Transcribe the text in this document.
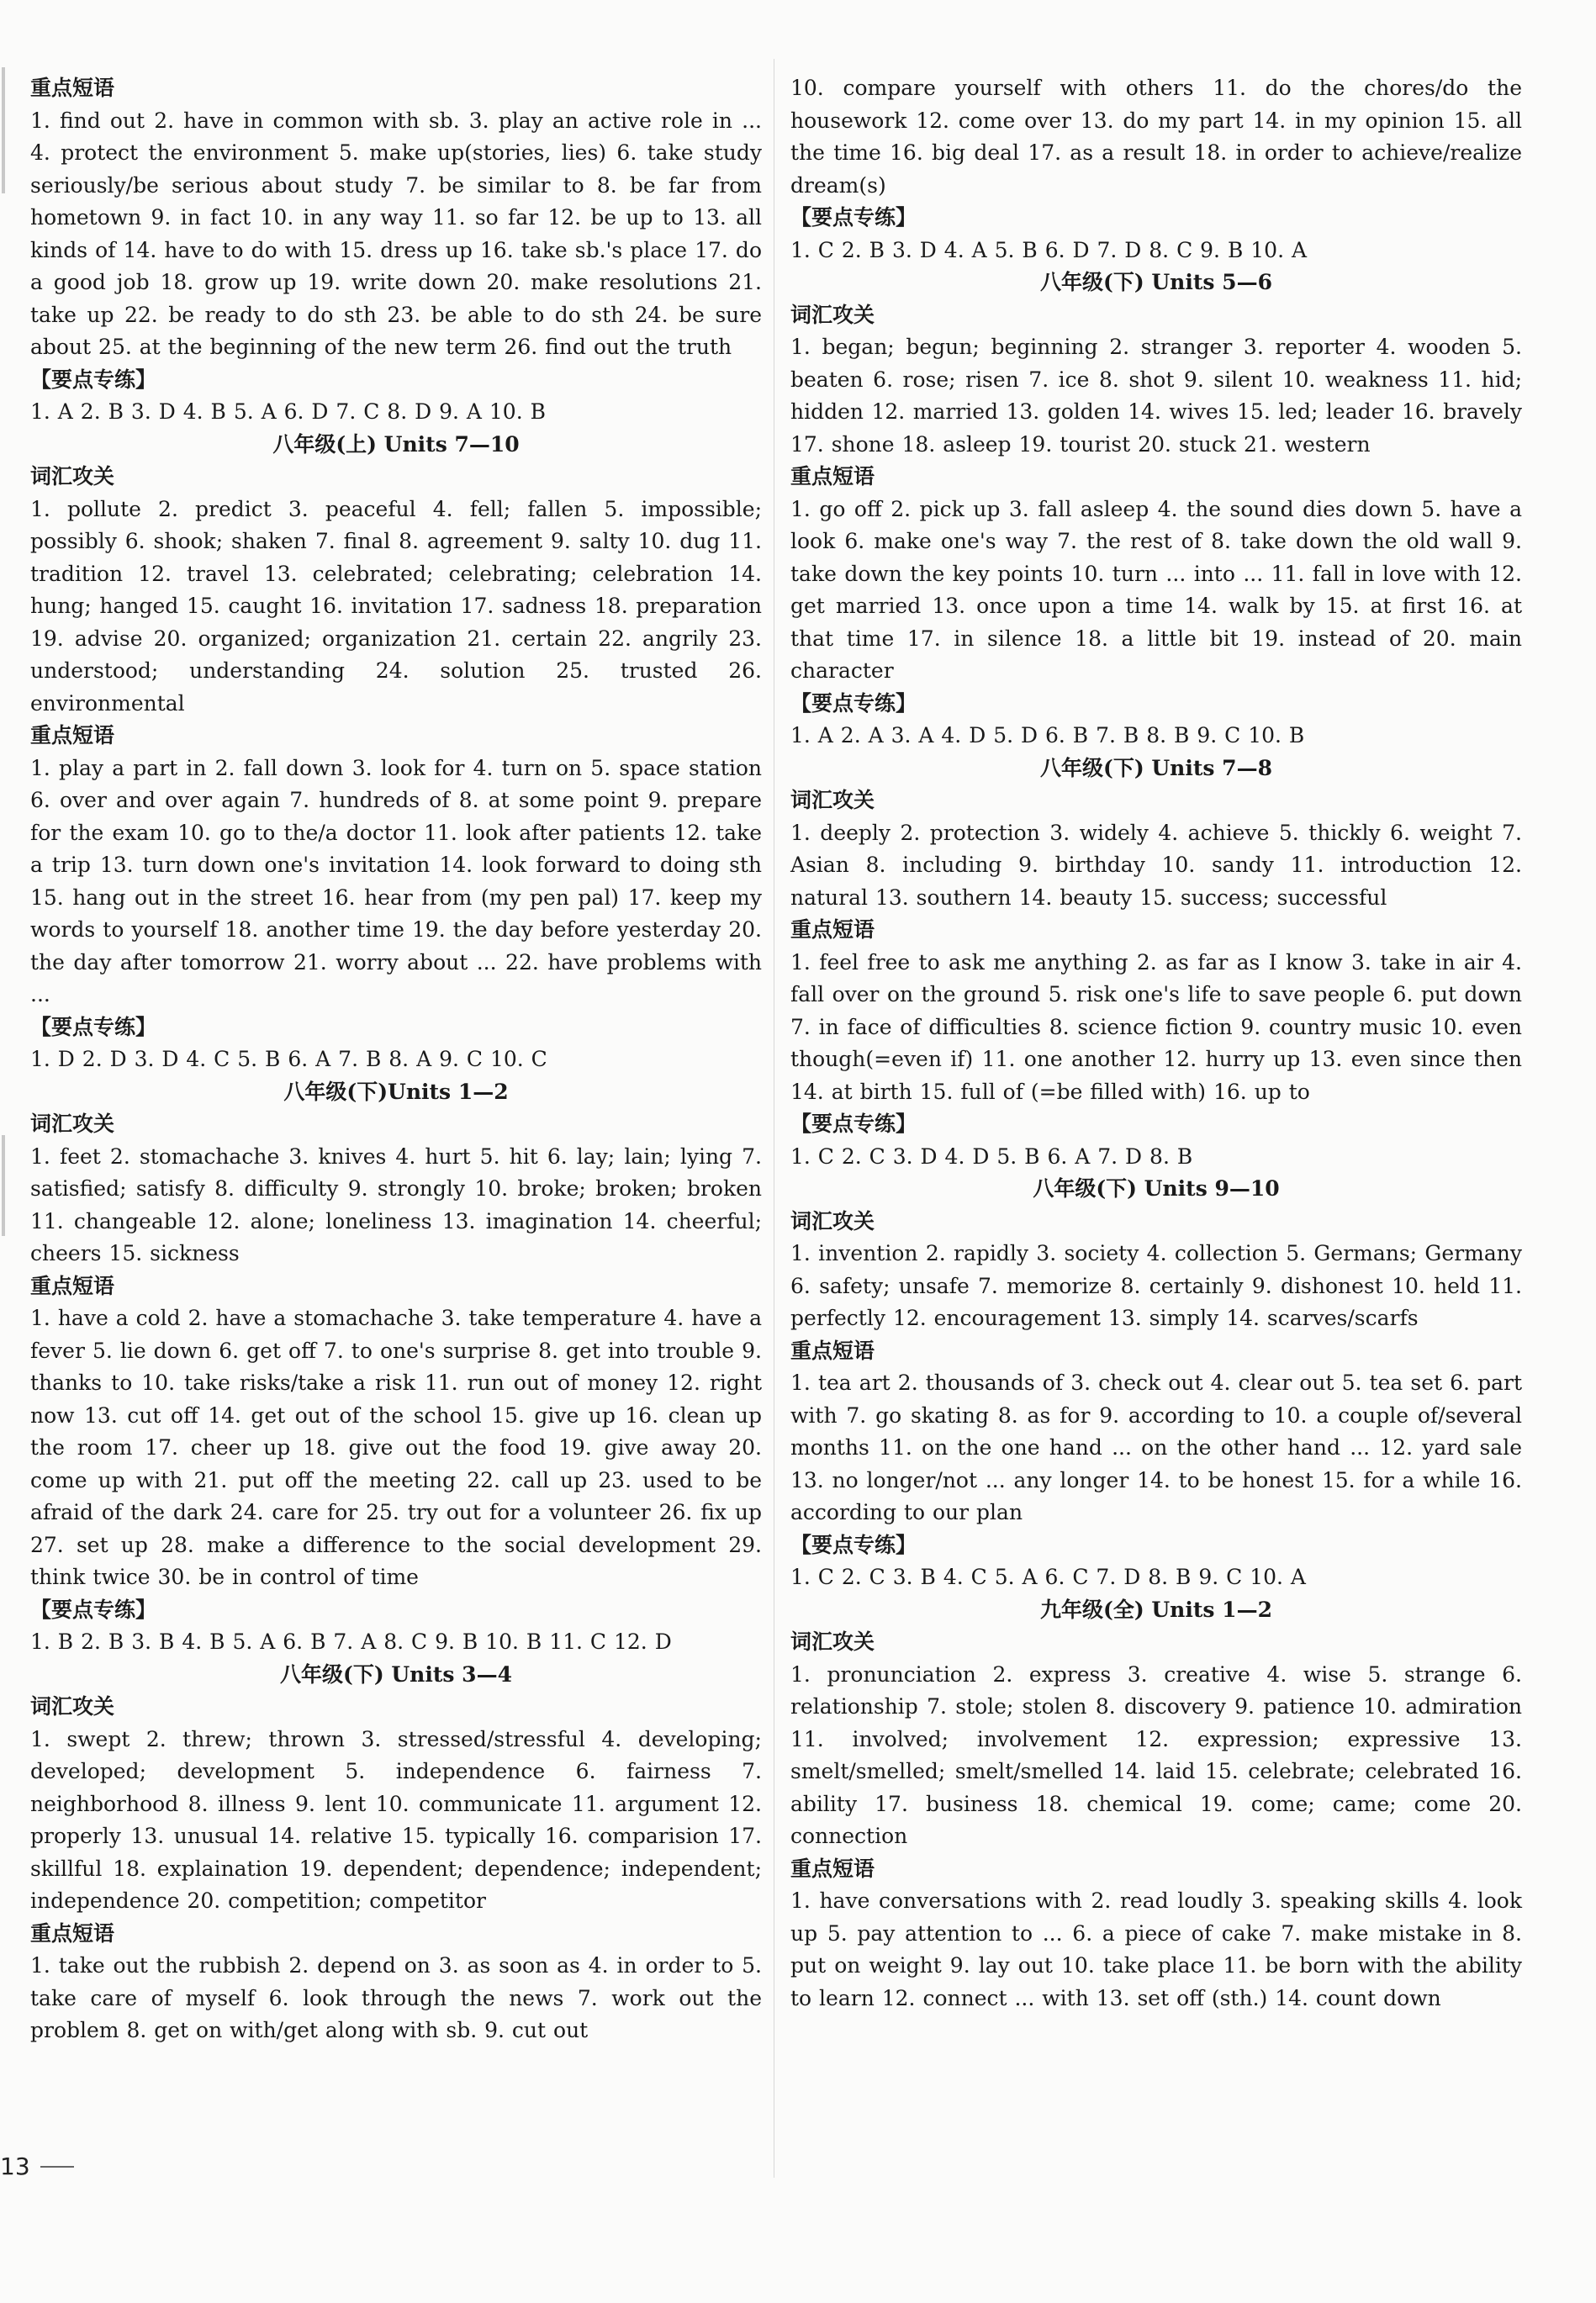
重点短语
1. find out 2. have in common with sb. 3. play an active role in ... 4. protect the environment 5. make up(stories, lies) 6. take study seriously/be serious about study 7. be similar to 8. be far from hometown 9. in fact 10. in any way 11. so far 12. be up to 13. all kinds of 14. have to do with 15. dress up 16. take sb.'s place 17. do a good job 18. grow up 19. write down 20. make resolutions 21. take up 22. be ready to do sth 23. be able to do sth 24. be sure about 25. at the beginning of the new term 26. find out the truth
【要点专练】
1. A 2. B 3. D 4. B 5. A 6. D 7. C 8. D 9. A 10. B
八年级(上) Units 7—10
词汇攻关
1. pollute 2. predict 3. peaceful 4. fell; fallen 5. impossible; possibly 6. shook; shaken 7. final 8. agreement 9. salty 10. dug 11. tradition 12. travel 13. celebrated; celebrating; celebration 14. hung; hanged 15. caught 16. invitation 17. sadness 18. preparation 19. advise 20. organized; organization 21. certain 22. angrily 23. understood; understanding 24. solution 25. trusted 26. environmental
重点短语
1. play a part in 2. fall down 3. look for 4. turn on 5. space station 6. over and over again 7. hundreds of 8. at some point 9. prepare for the exam 10. go to the/a doctor 11. look after patients 12. take a trip 13. turn down one's invitation 14. look forward to doing sth 15. hang out in the street 16. hear from (my pen pal) 17. keep my words to yourself 18. another time 19. the day before yesterday 20. the day after tomorrow 21. worry about ... 22. have problems with ...
【要点专练】
1. D 2. D 3. D 4. C 5. B 6. A 7. B 8. A 9. C 10. C
八年级(下)Units 1—2
词汇攻关
1. feet 2. stomachache 3. knives 4. hurt 5. hit 6. lay; lain; lying 7. satisfied; satisfy 8. difficulty 9. strongly 10. broke; broken; broken 11. changeable 12. alone; loneliness 13. imagination 14. cheerful; cheers 15. sickness
重点短语
1. have a cold 2. have a stomachache 3. take temperature 4. have a fever 5. lie down 6. get off 7. to one's surprise 8. get into trouble 9. thanks to 10. take risks/take a risk 11. run out of money 12. right now 13. cut off 14. get out of the school 15. give up 16. clean up the room 17. cheer up 18. give out the food 19. give away 20. come up with 21. put off the meeting 22. call up 23. used to be afraid of the dark 24. care for 25. try out for a volunteer 26. fix up 27. set up 28. make a difference to the social development 29. think twice 30. be in control of time
【要点专练】
1. B 2. B 3. B 4. B 5. A 6. B 7. A 8. C 9. B 10. B 11. C 12. D
八年级(下) Units 3—4
词汇攻关
1. swept 2. threw; thrown 3. stressed/stressful 4. developing; developed; development 5. independence 6. fairness 7. neighborhood 8. illness 9. lent 10. communicate 11. argument 12. properly 13. unusual 14. relative 15. typically 16. comparision 17. skillful 18. explaination 19. dependent; dependence; independent; independence 20. competition; competitor
重点短语
1. take out the rubbish 2. depend on 3. as soon as 4. in order to 5. take care of myself 6. look through the news 7. work out the problem 8. get on with/get along with sb. 9. cut out
10. compare yourself with others 11. do the chores/do the housework 12. come over 13. do my part 14. in my opinion 15. all the time 16. big deal 17. as a result 18. in order to achieve/realize dream(s)
【要点专练】
1. C 2. B 3. D 4. A 5. B 6. D 7. D 8. C 9. B 10. A
八年级(下) Units 5—6
词汇攻关
1. began; begun; beginning 2. stranger 3. reporter 4. wooden 5. beaten 6. rose; risen 7. ice 8. shot 9. silent 10. weakness 11. hid; hidden 12. married 13. golden 14. wives 15. led; leader 16. bravely 17. shone 18. asleep 19. tourist 20. stuck 21. western
重点短语
1. go off 2. pick up 3. fall asleep 4. the sound dies down 5. have a look 6. make one's way 7. the rest of 8. take down the old wall 9. take down the key points 10. turn ... into ... 11. fall in love with 12. get married 13. once upon a time 14. walk by 15. at first 16. at that time 17. in silence 18. a little bit 19. instead of 20. main character
【要点专练】
1. A 2. A 3. A 4. D 5. D 6. B 7. B 8. B 9. C 10. B
八年级(下) Units 7—8
词汇攻关
1. deeply 2. protection 3. widely 4. achieve 5. thickly 6. weight 7. Asian 8. including 9. birthday 10. sandy 11. introduction 12. natural 13. southern 14. beauty 15. success; successful
重点短语
1. feel free to ask me anything 2. as far as I know 3. take in air 4. fall over on the ground 5. risk one's life to save people 6. put down 7. in face of difficulties 8. science fiction 9. country music 10. even though(=even if) 11. one another 12. hurry up 13. even since then 14. at birth 15. full of (=be filled with) 16. up to
【要点专练】
1. C 2. C 3. D 4. D 5. B 6. A 7. D 8. B
八年级(下) Units 9—10
词汇攻关
1. invention 2. rapidly 3. society 4. collection 5. Germans; Germany 6. safety; unsafe 7. memorize 8. certainly 9. dishonest 10. held 11. perfectly 12. encouragement 13. simply 14. scarves/scarfs
重点短语
1. tea art 2. thousands of 3. check out 4. clear out 5. tea set 6. part with 7. go skating 8. as for 9. according to 10. a couple of/several months 11. on the one hand ... on the other hand ... 12. yard sale 13. no longer/not ... any longer 14. to be honest 15. for a while 16. according to our plan
【要点专练】
1. C 2. C 3. B 4. C 5. A 6. C 7. D 8. B 9. C 10. A
九年级(全) Units 1—2
词汇攻关
1. pronunciation 2. express 3. creative 4. wise 5. strange 6. relationship 7. stole; stolen 8. discovery 9. patience 10. admiration 11. involved; involvement 12. expression; expressive 13. smelt/smelled; smelt/smelled 14. laid 15. celebrate; celebrated 16. ability 17. business 18. chemical 19. come; came; come 20. connection
重点短语
1. have conversations with 2. read loudly 3. speaking skills 4. look up 5. pay attention to ... 6. a piece of cake 7. make mistake in 8. put on weight 9. lay out 10. take place 11. be born with the ability to learn 12. connect ... with 13. set off (sth.) 14. count down
13
